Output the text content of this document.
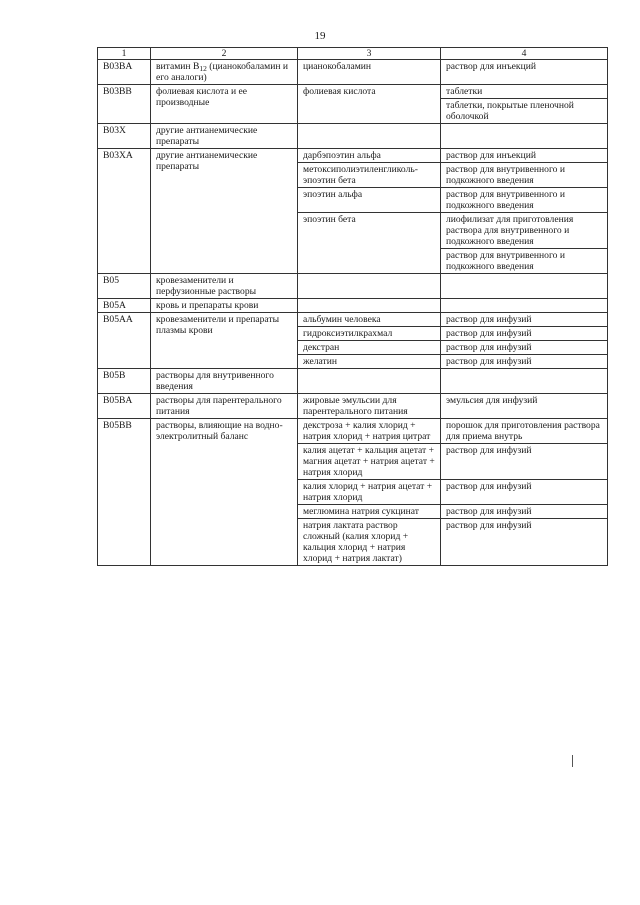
19
1	2	3	4
B03BA	витамин $B_{12}$ (цианокобаламин и его аналоги)	цианокобаламин	раствор для инъекций
B03BB	фолиевая кислота и ее производные	фолиевая кислота	таблетки
			таблетки, покрытые пленочной оболочкой
B03X	другие антианемические препараты		
B03XA	другие антианемические препараты	дарбэпоэтин альфа	раствор для инъекций
		метоксиполиэтиленгликоль-эпоэтин бета	раствор для внутривенного и подкожного введения
		эпоэтин альфа	раствор для внутривенного и подкожного введения
		эпоэтин бета	лиофилизат для приготовления раствора для внутривенного и подкожного введения
			раствор для внутривенного и подкожного введения
B05	кровезаменители и перфузионные растворы		
B05A	кровь и препараты крови		
B05AA	кровезаменители и препараты плазмы крови	альбумин человека	раствор для инфузий
		гидроксиэтилкрахмал	раствор для инфузий
		декстран	раствор для инфузий
		желатин	раствор для инфузий
B05B	растворы для внутривенного введения		
B05BA	растворы для парентерального питания	жировые эмульсии для парентерального питания	эмульсия для инфузий
B05BB	растворы, влияющие на водно-электролитный баланс	декстроза + калия хлорид + натрия хлорид + натрия цитрат	порошок для приготовления раствора для приема внутрь
		калия ацетат + кальция ацетат + магния ацетат + натрия ацетат + натрия хлорид	раствор для инфузий
		калия хлорид + натрия ацетат + натрия хлорид	раствор для инфузий
		меглюмина натрия сукцинат	раствор для инфузий
		натрия лактата раствор сложный (калия хлорид + кальция хлорид + натрия хлорид + натрия лактат)	раствор для инфузий
